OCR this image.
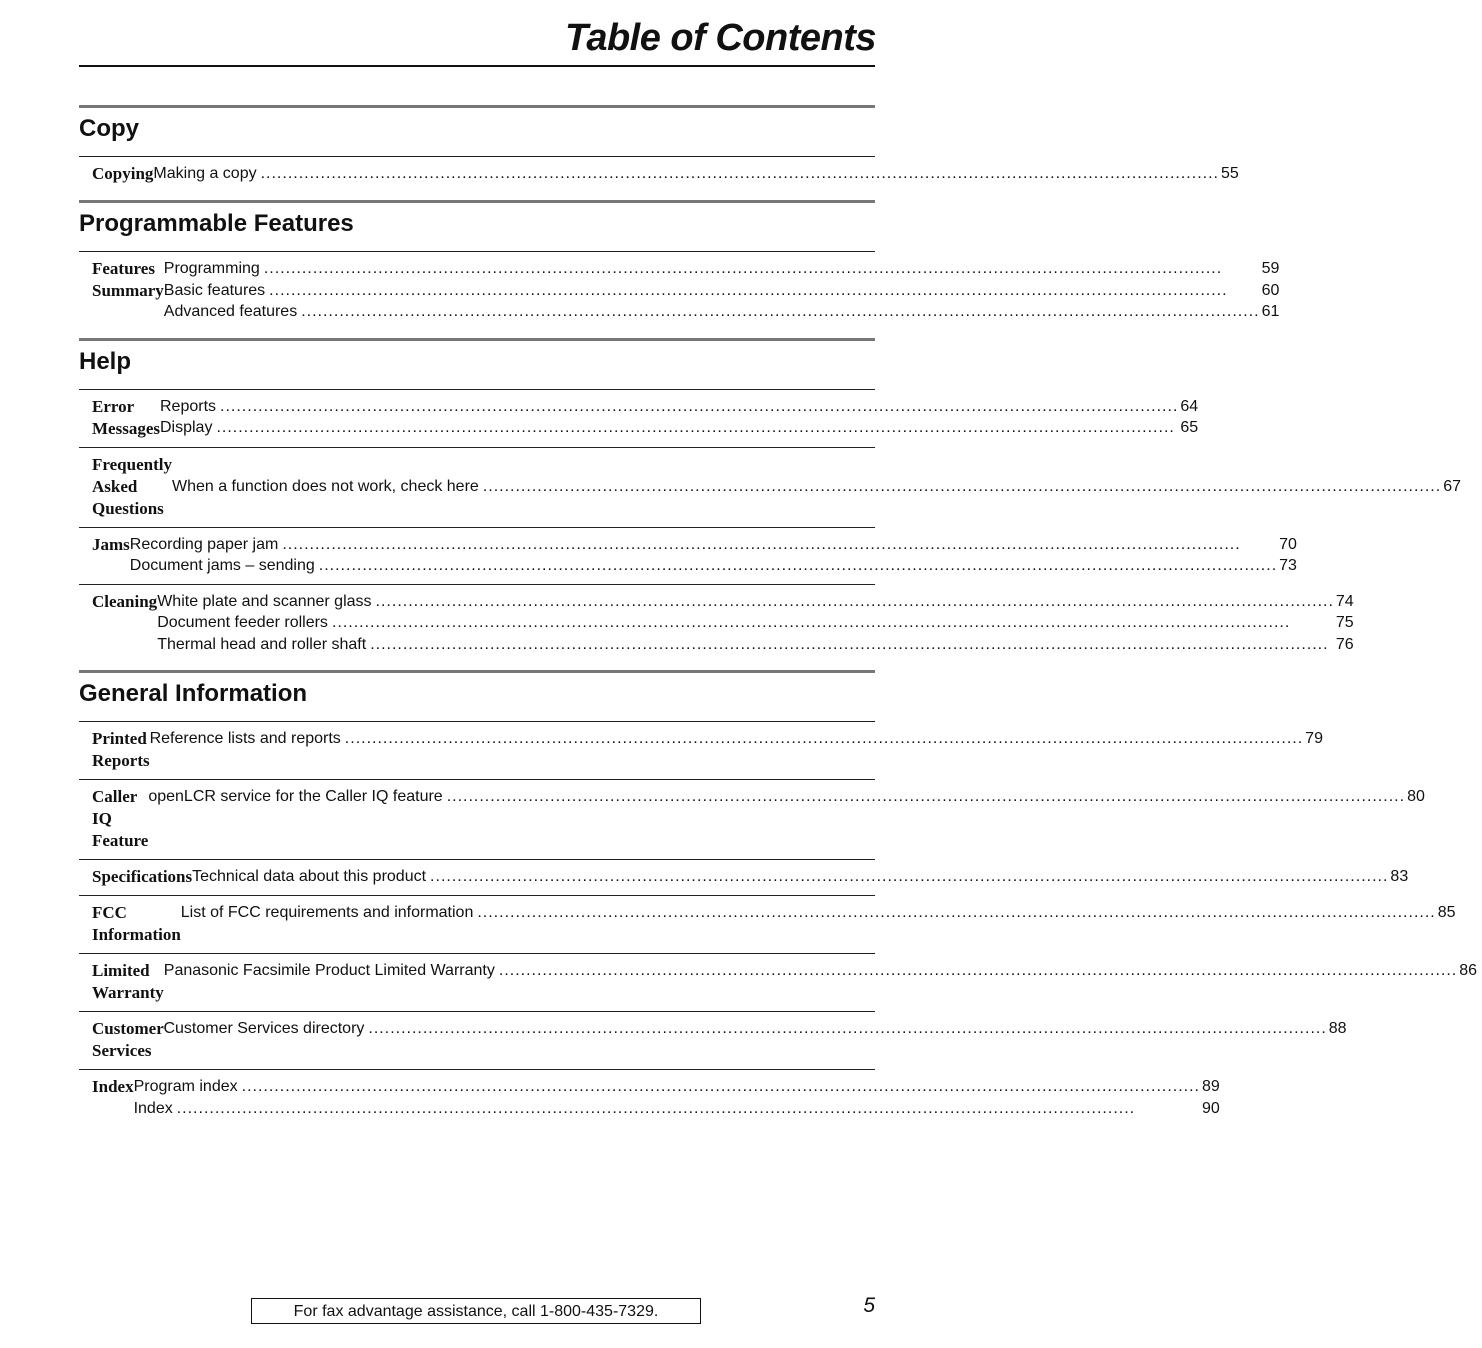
Table of Contents
Copy
Copying Making a copy .....	55
Programmable Features
Features Summary
Programming .....	59
Basic features .....	60
Advanced features .....	61
Help
Error Messages
Reports .....	64
Display .....	65
Frequently Asked Questions
When a function does not work, check here .....	67
Jams Recording paper jam .....	70
Document jams – sending .....	73
Cleaning White plate and scanner glass .....	74
Document feeder rollers .....	75
Thermal head and roller shaft .....	76
General Information
Printed Reports
Reference lists and reports .....	79
Caller IQ Feature
openLCR service for the Caller IQ feature .....	80
Specifications Technical data about this product .....	83
FCC Information
List of FCC requirements and information .....	85
Limited Warranty
Panasonic Facsimile Product Limited Warranty .....	86
Customer Services
Customer Services directory .....	88
Index Program index .....	89
Index .....	90
For fax advantage assistance, call 1-800-435-7329.	5
